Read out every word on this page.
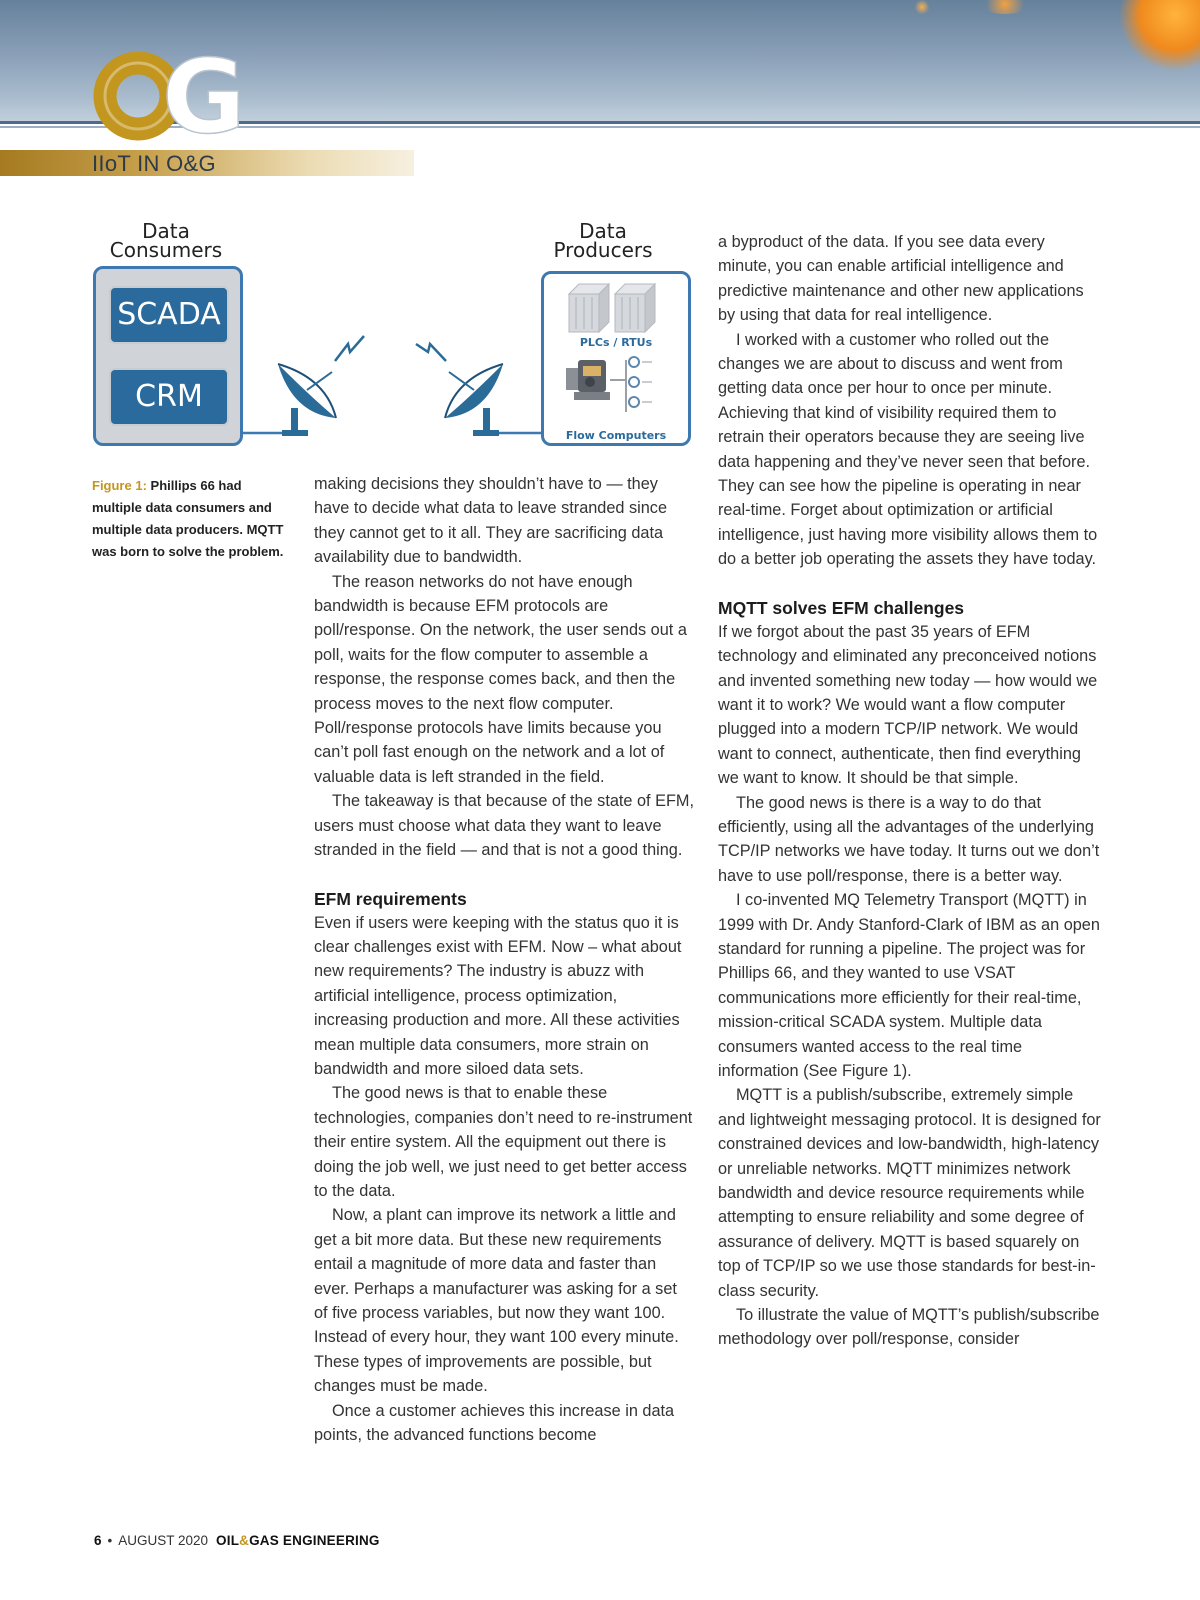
G
IIoT IN O&G
Data Consumers
Data Producers
SCADA
CRM
PLCs / RTUs
Flow Computers
Figure 1: Phillips 66 had multiple data consumers and multiple data producers. MQTT was born to solve the problem.

making decisions they shouldn’t have to — they have to decide what data to leave stranded since they cannot get to it all. They are sacrificing data availability due to bandwidth.

The reason networks do not have enough bandwidth is because EFM protocols are poll/response. On the network, the user sends out a poll, waits for the flow computer to assemble a response, the response comes back, and then the process moves to the next flow computer. Poll/response protocols have limits because you can’t poll fast enough on the network and a lot of valuable data is left stranded in the field.

The takeaway is that because of the state of EFM, users must choose what data they want to leave stranded in the field — and that is not a good thing.

EFM requirements

Even if users were keeping with the status quo it is clear challenges exist with EFM. Now – what about new requirements? The industry is abuzz with artificial intelligence, process optimization, increasing production and more. All these activities mean multiple data consumers, more strain on bandwidth and more siloed data sets.

The good news is that to enable these technologies, companies don’t need to re-instrument their entire system. All the equipment out there is doing the job well, we just need to get better access to the data.

Now, a plant can improve its network a little and get a bit more data. But these new requirements entail a magnitude of more data and faster than ever. Perhaps a manufacturer was asking for a set of five process variables, but now they want 100. Instead of every hour, they want 100 every minute. These types of improvements are possible, but changes must be made.

Once a customer achieves this increase in data points, the advanced functions become

a byproduct of the data. If you see data every minute, you can enable artificial intelligence and predictive maintenance and other new applications by using that data for real intelligence.

I worked with a customer who rolled out the changes we are about to discuss and went from getting data once per hour to once per minute. Achieving that kind of visibility required them to retrain their operators because they are seeing live data happening and they’ve never seen that before. They can see how the pipeline is operating in near real-time. Forget about optimization or artificial intelligence, just having more visibility allows them to do a better job operating the assets they have today.

MQTT solves EFM challenges

If we forgot about the past 35 years of EFM technology and eliminated any preconceived notions and invented something new today — how would we want it to work? We would want a flow computer plugged into a modern TCP/IP network. We would want to connect, authenticate, then find everything we want to know. It should be that simple.

The good news is there is a way to do that efficiently, using all the advantages of the underlying TCP/IP networks we have today. It turns out we don’t have to use poll/response, there is a better way.

I co-invented MQ Telemetry Transport (MQTT) in 1999 with Dr. Andy Stanford-Clark of IBM as an open standard for running a pipeline. The project was for Phillips 66, and they wanted to use VSAT communications more efficiently for their real-time, mission-critical SCADA system. Multiple data consumers wanted access to the real time information (See Figure 1).

MQTT is a publish/subscribe, extremely simple and lightweight messaging protocol. It is designed for constrained devices and low-bandwidth, high-latency or unreliable networks. MQTT minimizes network bandwidth and device resource requirements while attempting to ensure reliability and some degree of assurance of delivery. MQTT is based squarely on top of TCP/IP so we use those standards for best-in-class security.

To illustrate the value of MQTT’s publish/subscribe methodology over poll/response, consider

6 • AUGUST 2020 OIL&GAS ENGINEERING
